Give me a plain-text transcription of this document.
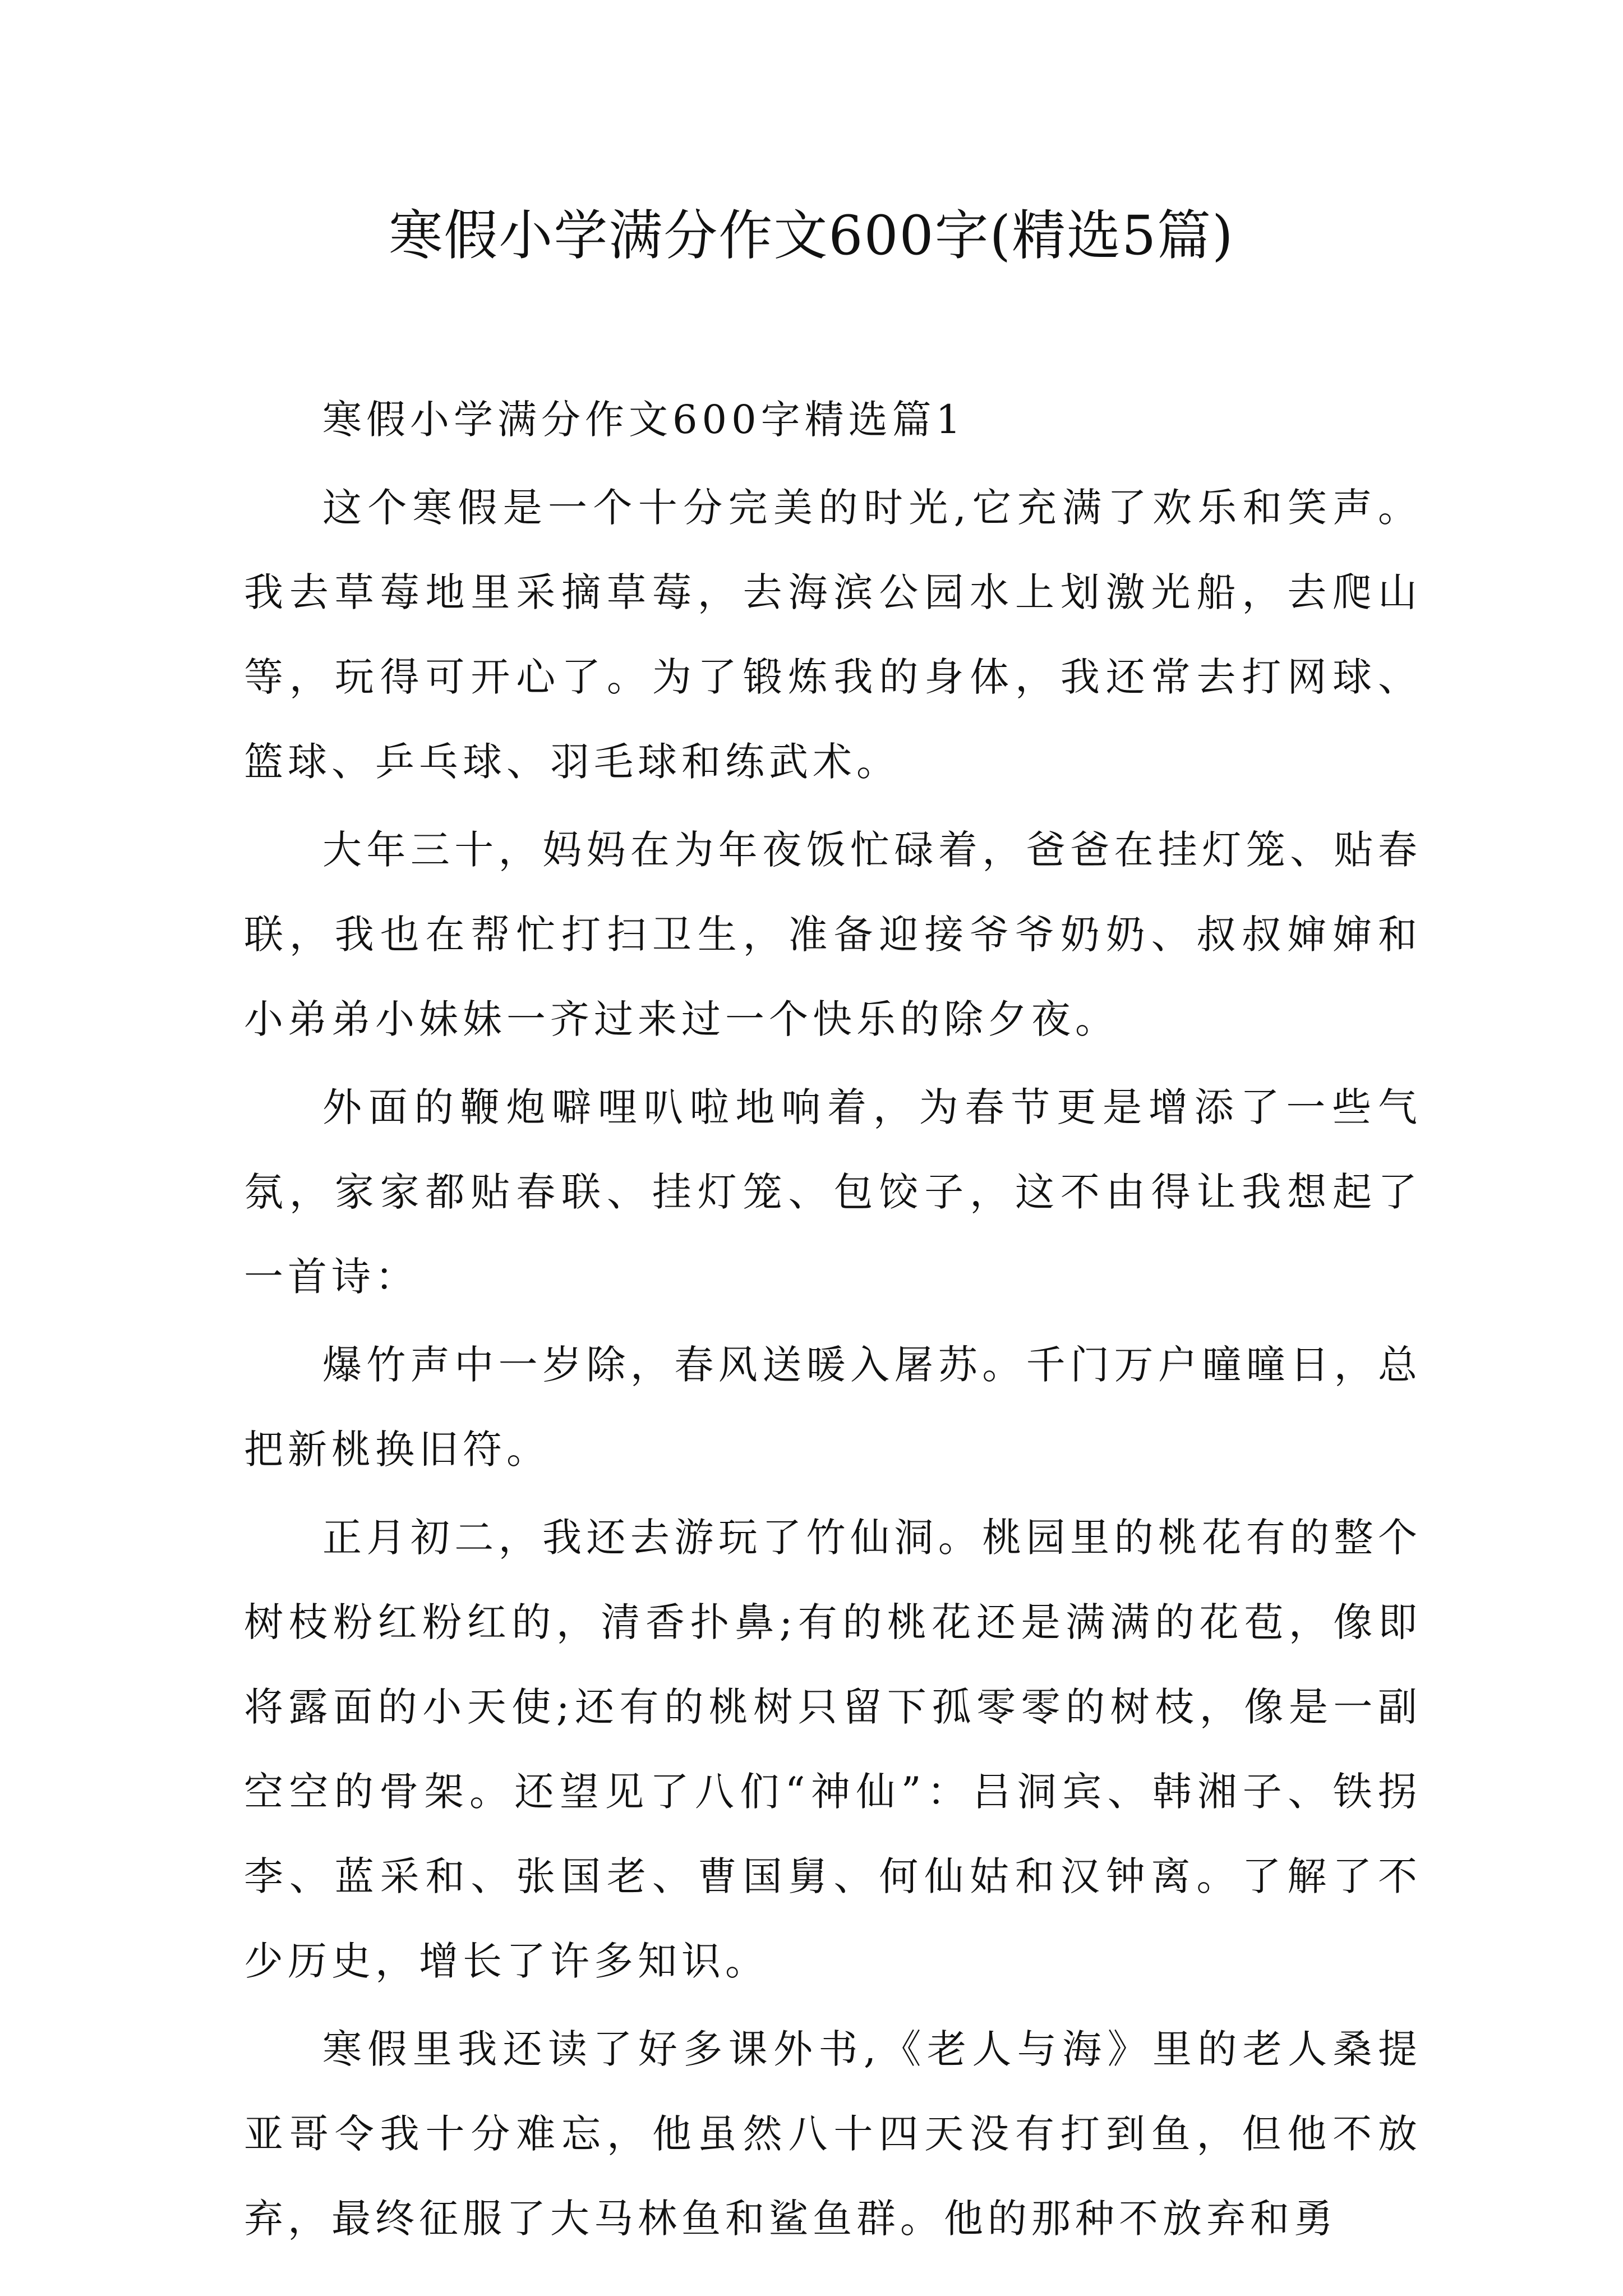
寒假小学满分作文600字(精选5篇)

寒假小学满分作文600字精选篇1

这个寒假是一个十分完美的时光,它充满了欢乐和笑声。我去草莓地里采摘草莓，去海滨公园水上划激光船，去爬山等，玩得可开心了。为了锻炼我的身体，我还常去打网球、篮球、乒乓球、羽毛球和练武术。

大年三十，妈妈在为年夜饭忙碌着，爸爸在挂灯笼、贴春联，我也在帮忙打扫卫生，准备迎接爷爷奶奶、叔叔婶婶和小弟弟小妹妹一齐过来过一个快乐的除夕夜。

外面的鞭炮噼哩叭啦地响着，为春节更是增添了一些气氛，家家都贴春联、挂灯笼、包饺子，这不由得让我想起了一首诗：

爆竹声中一岁除，春风送暖入屠苏。千门万户曈曈日，总把新桃换旧符。

正月初二，我还去游玩了竹仙洞。桃园里的桃花有的整个树枝粉红粉红的，清香扑鼻;有的桃花还是满满的花苞，像即将露面的小天使;还有的桃树只留下孤零零的树枝，像是一副空空的骨架。还望见了八们“神仙”：吕洞宾、韩湘子、铁拐李、蓝采和、张国老、曹国舅、何仙姑和汉钟离。了解了不少历史，增长了许多知识。

寒假里我还读了好多课外书,《老人与海》里的老人桑提亚哥令我十分难忘，他虽然八十四天没有打到鱼，但他不放弃，最终征服了大马林鱼和鲨鱼群。他的那种不放弃和勇
